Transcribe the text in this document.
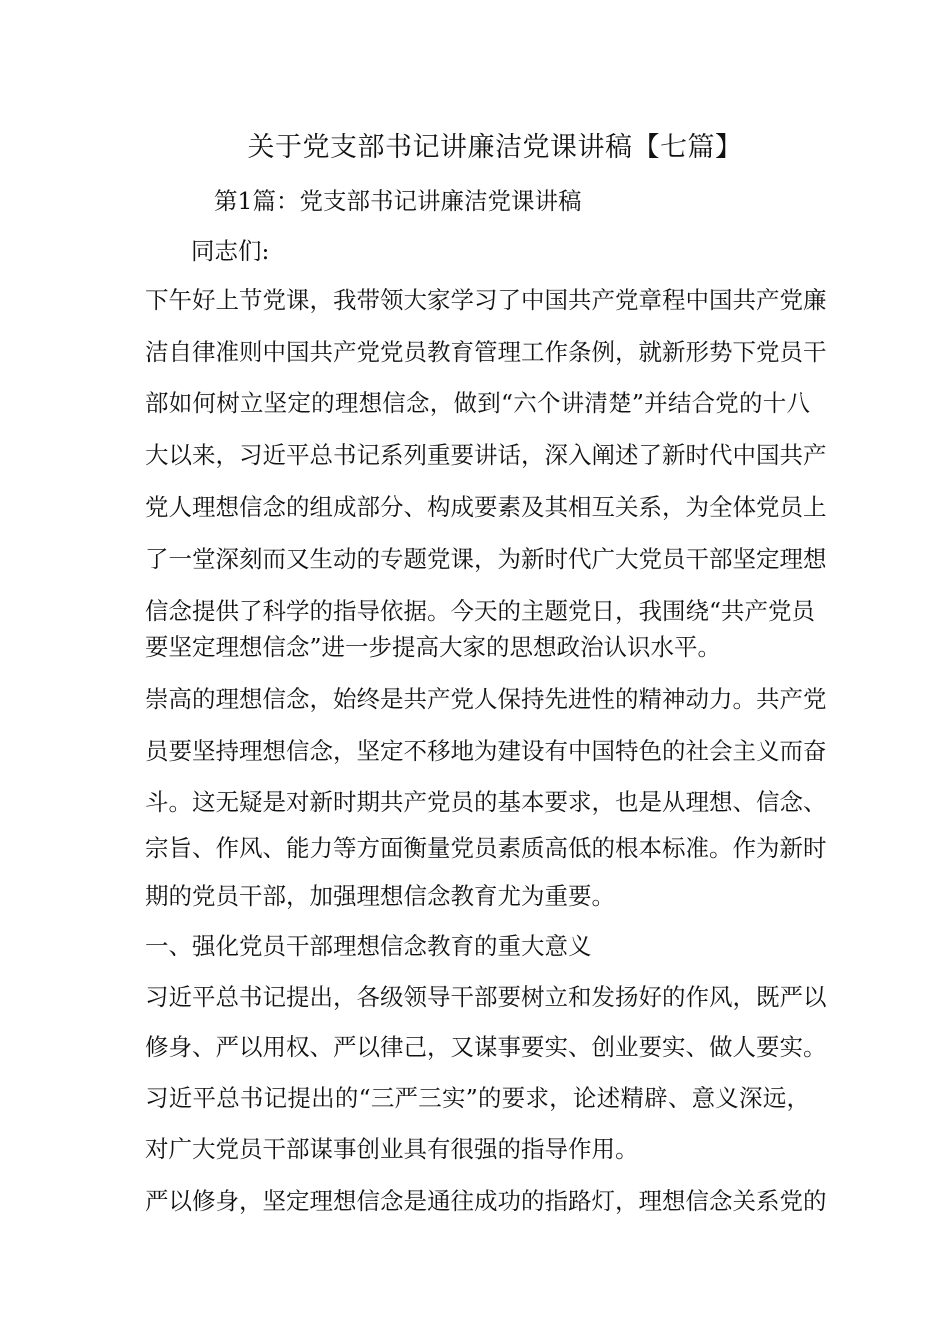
关于党支部书记讲廉洁党课讲稿【七篇】
第1篇：党支部书记讲廉洁党课讲稿
同志们:
下午好上节党课，我带领大家学习了中国共产党章程中国共产党廉
洁自律准则中国共产党党员教育管理工作条例，就新形势下党员干
部如何树立坚定的理想信念，做到“六个讲清楚”并结合党的十八
大以来，习近平总书记系列重要讲话，深入阐述了新时代中国共产
党人理想信念的组成部分、构成要素及其相互关系，为全体党员上
了一堂深刻而又生动的专题党课，为新时代广大党员干部坚定理想
信念提供了科学的指导依据。今天的主题党日，我围绕“共产党员
要坚定理想信念”进一步提高大家的思想政治认识水平。
崇高的理想信念，始终是共产党人保持先进性的精神动力。共产党
员要坚持理想信念，坚定不移地为建设有中国特色的社会主义而奋
斗。这无疑是对新时期共产党员的基本要求，也是从理想、信念、
宗旨、作风、能力等方面衡量党员素质高低的根本标准。作为新时
期的党员干部，加强理想信念教育尤为重要。
一、强化党员干部理想信念教育的重大意义
习近平总书记提出，各级领导干部要树立和发扬好的作风，既严以
修身、严以用权、严以律己，又谋事要实、创业要实、做人要实。
习近平总书记提出的“三严三实”的要求，论述精辟、意义深远，
对广大党员干部谋事创业具有很强的指导作用。
严以修身，坚定理想信念是通往成功的指路灯，理想信念关系党的
